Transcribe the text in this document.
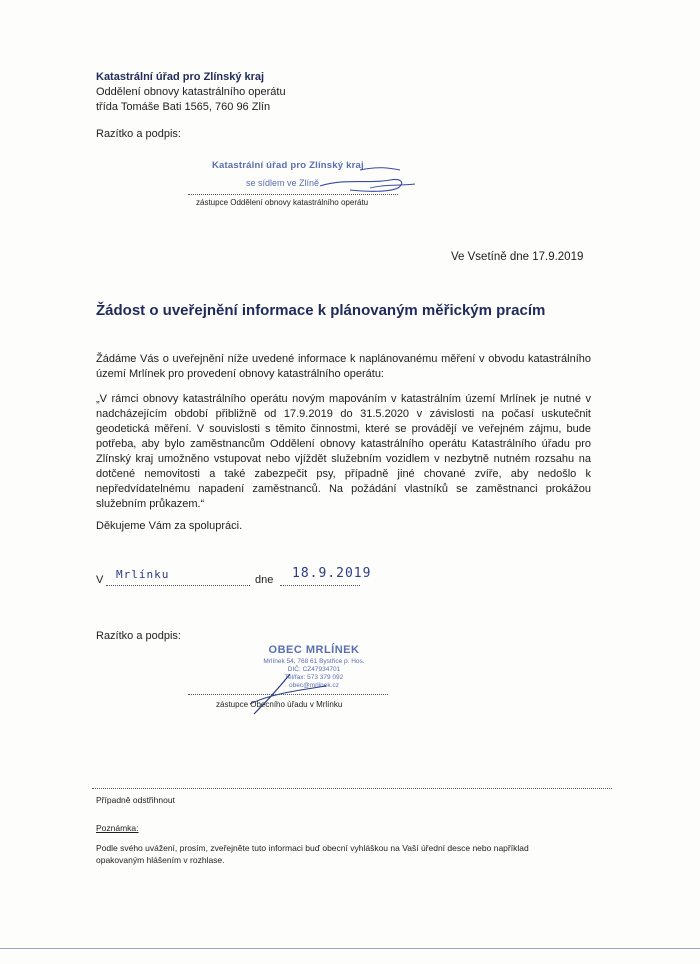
Katastrální úřad pro Zlínský kraj
Oddělení obnovy katastrálního operátu
třída Tomáše Bati 1565, 760 96 Zlín
Razítko a podpis:
Katastrální úřad pro Zlínský kraj
se sídlem ve Zlíně
zástupce Oddělení obnovy katastrálního operátu
Ve Vsetíně dne 17.9.2019
Žádost o uveřejnění informace k plánovaným měřickým pracím
Žádáme Vás o uveřejnění níže uvedené informace k naplánovanému měření v obvodu katastrálního území Mrlínek pro provedení obnovy katastrálního operátu:
„V rámci obnovy katastrálního operátu novým mapováním v katastrálním území Mrlínek je nutné v nadcházejícím období přibližně od 17.9.2019 do 31.5.2020 v závislosti na počasí uskutečnit geodetická měření. V souvislosti s těmito činnostmi, které se provádějí ve veřejném zájmu, bude potřeba, aby bylo zaměstnancům Oddělení obnovy katastrálního operátu Katastrálního úřadu pro Zlínský kraj umožněno vstupovat nebo vjíždět služebním vozidlem v nezbytně nutném rozsahu na dotčené nemovitosti a také zabezpečit psy, případně jiné chované zvíře, aby nedošlo k nepředvídatelnému napadení zaměstnanců. Na požádání vlastníků se zaměstnanci prokážou služebním průkazem.“
Děkujeme Vám za spolupráci.
V Mrlínku	dne 18.9.2019
Razítko a podpis:
OBEC MRLÍNEK
Mrlínek 54, 768 61 Bystřice p. Hos.
DIČ: CZ47934701
Tel/fax: 573 379 092
obec@mrlinek.cz
zástupce Obecního úřadu v Mrlínku
Případně odstřihnout
Poznámka:
Podle svého uvážení, prosím, zveřejněte tuto informaci buď obecní vyhláškou na Vaší úřední desce nebo například opakovaným hlášením v rozhlase.
